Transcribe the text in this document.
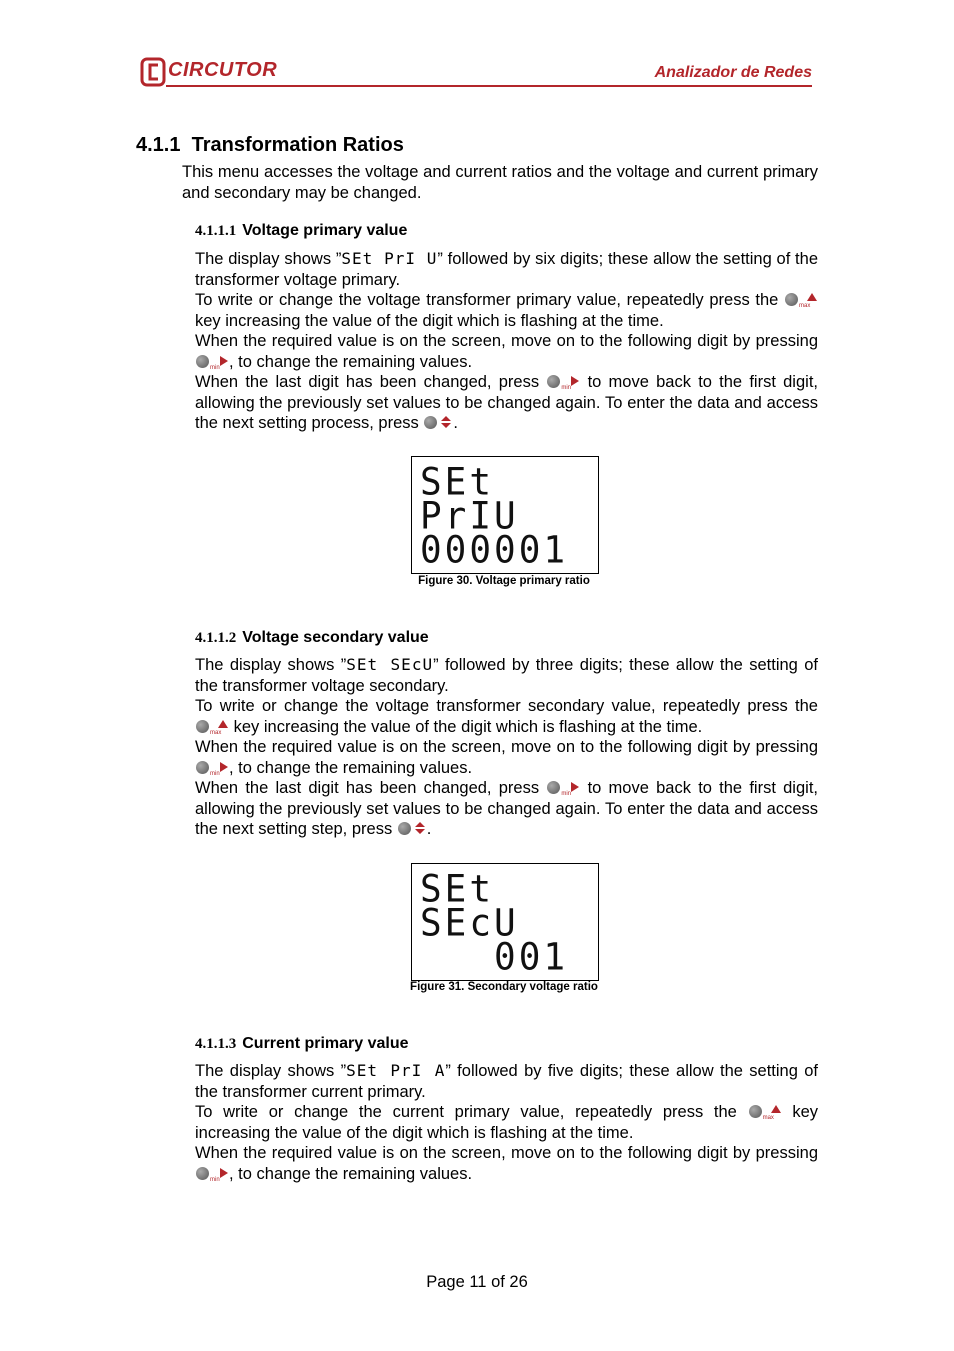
CIRCUTOR	Analizador de Redes
4.1.1 Transformation Ratios

This menu accesses the voltage and current ratios and the voltage and current primary and secondary may be changed.

4.1.1.1 Voltage primary value
The display shows ”SEt PrI U” followed by six digits; these allow the setting of the transformer voltage primary.
To write or change the voltage transformer primary value, repeatedly press the	max
key increasing the value of the digit which is flashing at the time.
When the required value is on the screen, move on to the following digit by pressing
min , to change the remaining values.
When the last digit has been changed, press	min to move back to the first digit, allowing the previously set values to be changed again. To enter the data and access the next setting process, press .
SEt
PrIU
000001
Figure 30. Voltage primary ratio
4.1.1.2 Voltage secondary value
The display shows ”SEt SEcU” followed by three digits; these allow the setting of the transformer voltage secondary.
To write or change the voltage transformer secondary value, repeatedly press the
max key increasing the value of the digit which is flashing at the time.
When the required value is on the screen, move on to the following digit by pressing
min , to change the remaining values.
When the last digit has been changed, press	min to move back to the first digit, allowing the previously set values to be changed again. To enter the data and access the next setting step, press .
SEt
SEcU
001
Figure 31. Secondary voltage ratio
4.1.1.3 Current primary value
The display shows ”SEt PrI A” followed by five digits; these allow the setting of the transformer current primary.
To write or change the current primary value, repeatedly press the	max key increasing the value of the digit which is flashing at the time.
When the required value is on the screen, move on to the following digit by pressing
min , to change the remaining values.
Page 11 of 26
